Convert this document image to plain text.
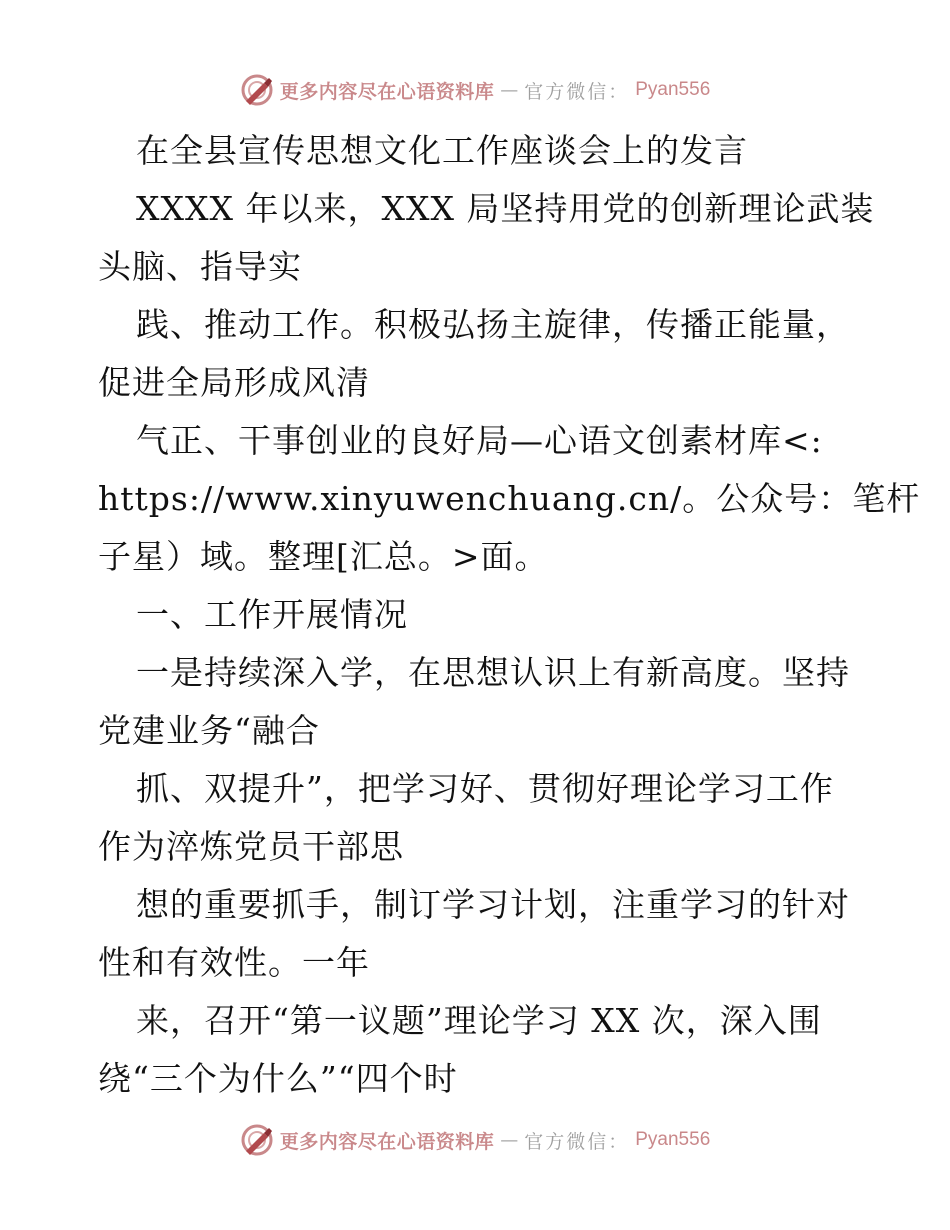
更多内容尽在心语资料库 — 官方微信： Pyan556
在全县宣传思想文化工作座谈会上的发言
XXXX 年以来，XXX 局坚持用党的创新理论武装
头脑、指导实
践、推动工作。积极弘扬主旋律，传播正能量，
促进全局形成风清
气正、干事创业的良好局—心语文创素材库<:
https://www.xinyuwenchuang.cn/。公众号：笔杆
子星）域。整理[汇总。>面。
一、工作开展情况
一是持续深入学，在思想认识上有新高度。坚持
党建业务“融合
抓、双提升”，把学习好、贯彻好理论学习工作
作为淬炼党员干部思
想的重要抓手，制订学习计划，注重学习的针对
性和有效性。一年
来，召开“第一议题”理论学习 XX 次，深入围
绕“三个为什么”“四个时
更多内容尽在心语资料库 — 官方微信： Pyan556
